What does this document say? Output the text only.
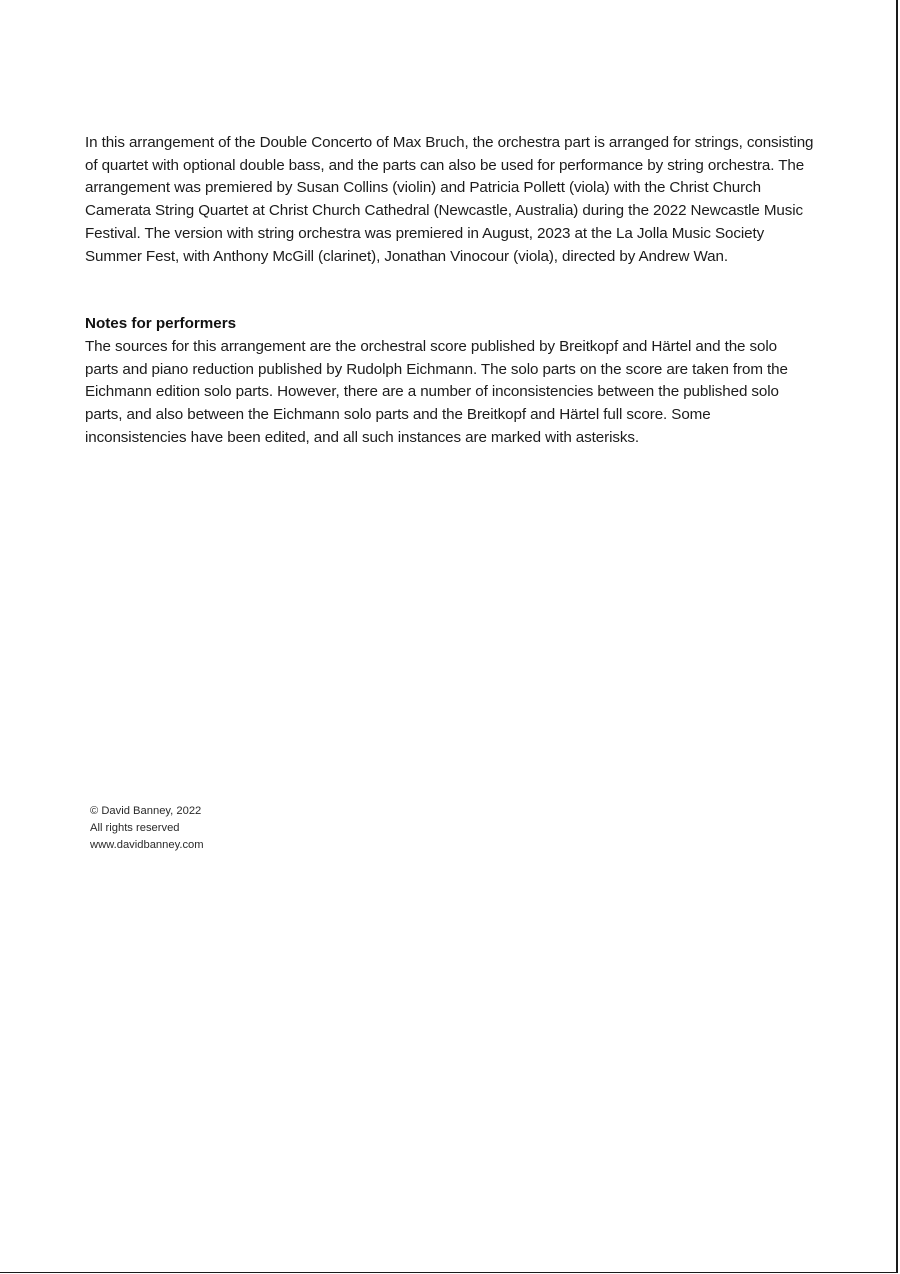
In this arrangement of the Double Concerto of Max Bruch, the orchestra part is arranged for strings, consisting of quartet with optional double bass, and the parts can also be used for performance by string orchestra. The arrangement was premiered by Susan Collins (violin) and Patricia Pollett (viola) with the Christ Church Camerata String Quartet at Christ Church Cathedral (Newcastle, Australia) during the 2022 Newcastle Music Festival. The version with string orchestra was premiered in August, 2023 at the La Jolla Music Society Summer Fest, with Anthony McGill (clarinet), Jonathan Vinocour (viola), directed by Andrew Wan.

Notes for performers

The sources for this arrangement are the orchestral score published by Breitkopf and Härtel and the solo parts and piano reduction published by Rudolph Eichmann. The solo parts on the score are taken from the Eichmann edition solo parts. However, there are a number of inconsistencies between the published solo parts, and also between the Eichmann solo parts and the Breitkopf and Härtel full score. Some inconsistencies have been edited, and all such instances are marked with asterisks.

© David Banney, 2022
All rights reserved
www.davidbanney.com
